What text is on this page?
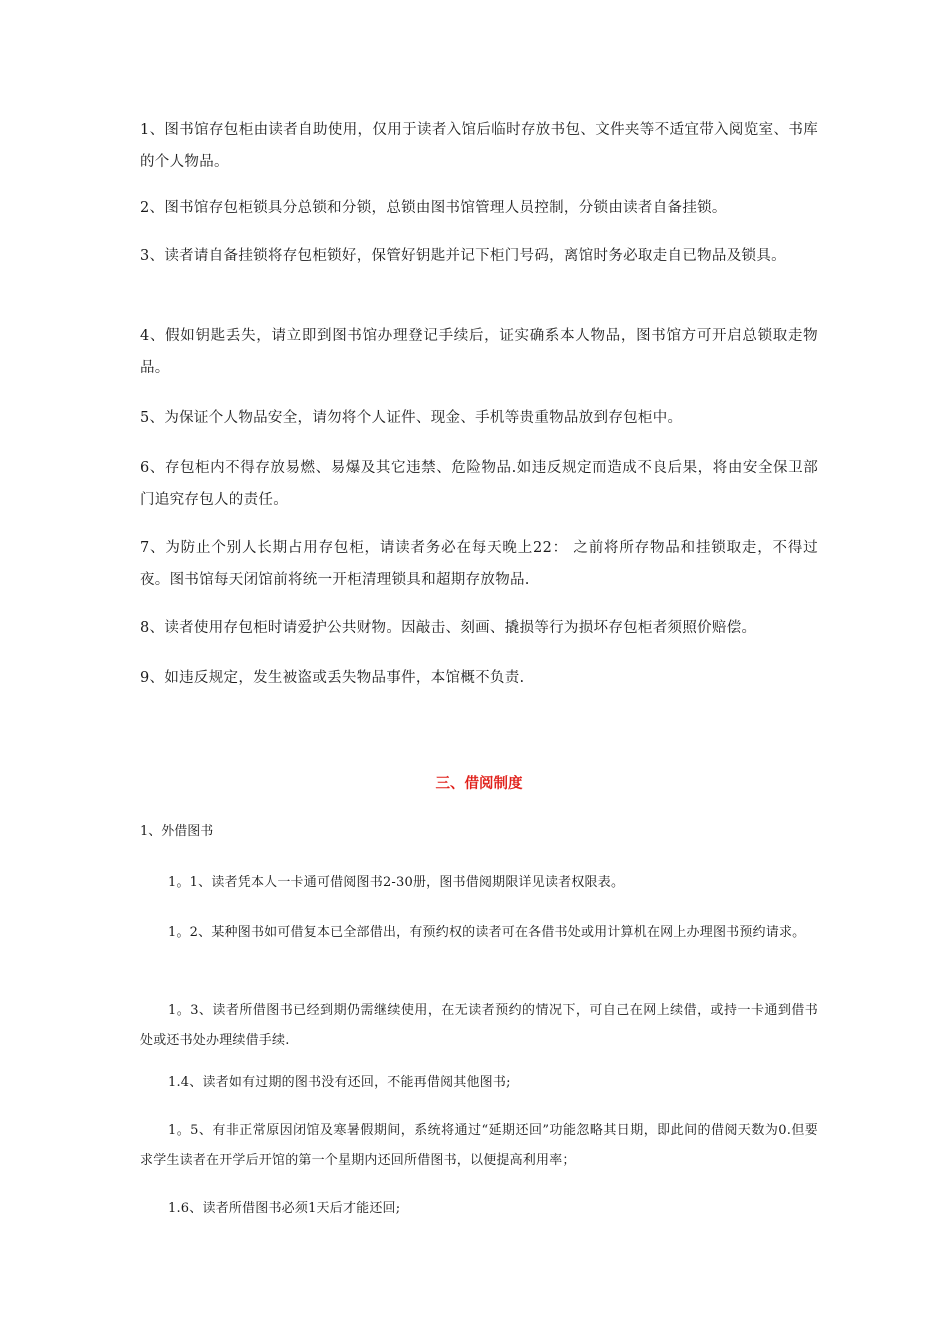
1、图书馆存包柜由读者自助使用，仅用于读者入馆后临时存放书包、文件夹等不适宜带入阅览室、书库的个人物品。

2、图书馆存包柜锁具分总锁和分锁，总锁由图书馆管理人员控制，分锁由读者自备挂锁。

3、读者请自备挂锁将存包柜锁好，保管好钥匙并记下柜门号码，离馆时务必取走自已物品及锁具。

4、假如钥匙丢失，请立即到图书馆办理登记手续后，证实确系本人物品，图书馆方可开启总锁取走物品。

5、为保证个人物品安全，请勿将个人证件、现金、手机等贵重物品放到存包柜中。

6、存包柜内不得存放易燃、易爆及其它违禁、危险物品.如违反规定而造成不良后果，将由安全保卫部门追究存包人的责任。

7、为防止个别人长期占用存包柜，请读者务必在每天晚上22： 之前将所存物品和挂锁取走，不得过夜。图书馆每天闭馆前将统一开柜清理锁具和超期存放物品.

8、读者使用存包柜时请爱护公共财物。因敲击、刻画、撬损等行为损坏存包柜者须照价赔偿。

9、如违反规定，发生被盗或丢失物品事件，本馆概不负责.

三、借阅制度

1、外借图书

1。1、读者凭本人一卡通可借阅图书2-30册，图书借阅期限详见读者权限表。

1。2、某种图书如可借复本已全部借出，有预约权的读者可在各借书处或用计算机在网上办理图书预约请求。

1。3、读者所借图书已经到期仍需继续使用，在无读者预约的情况下，可自己在网上续借，或持一卡通到借书处或还书处办理续借手续.

1.4、读者如有过期的图书没有还回，不能再借阅其他图书;

1。5、有非正常原因闭馆及寒暑假期间，系统将通过“延期还回”功能忽略其日期，即此间的借阅天数为0.但要求学生读者在开学后开馆的第一个星期内还回所借图书，以便提高利用率；

1.6、读者所借图书必须1天后才能还回;
